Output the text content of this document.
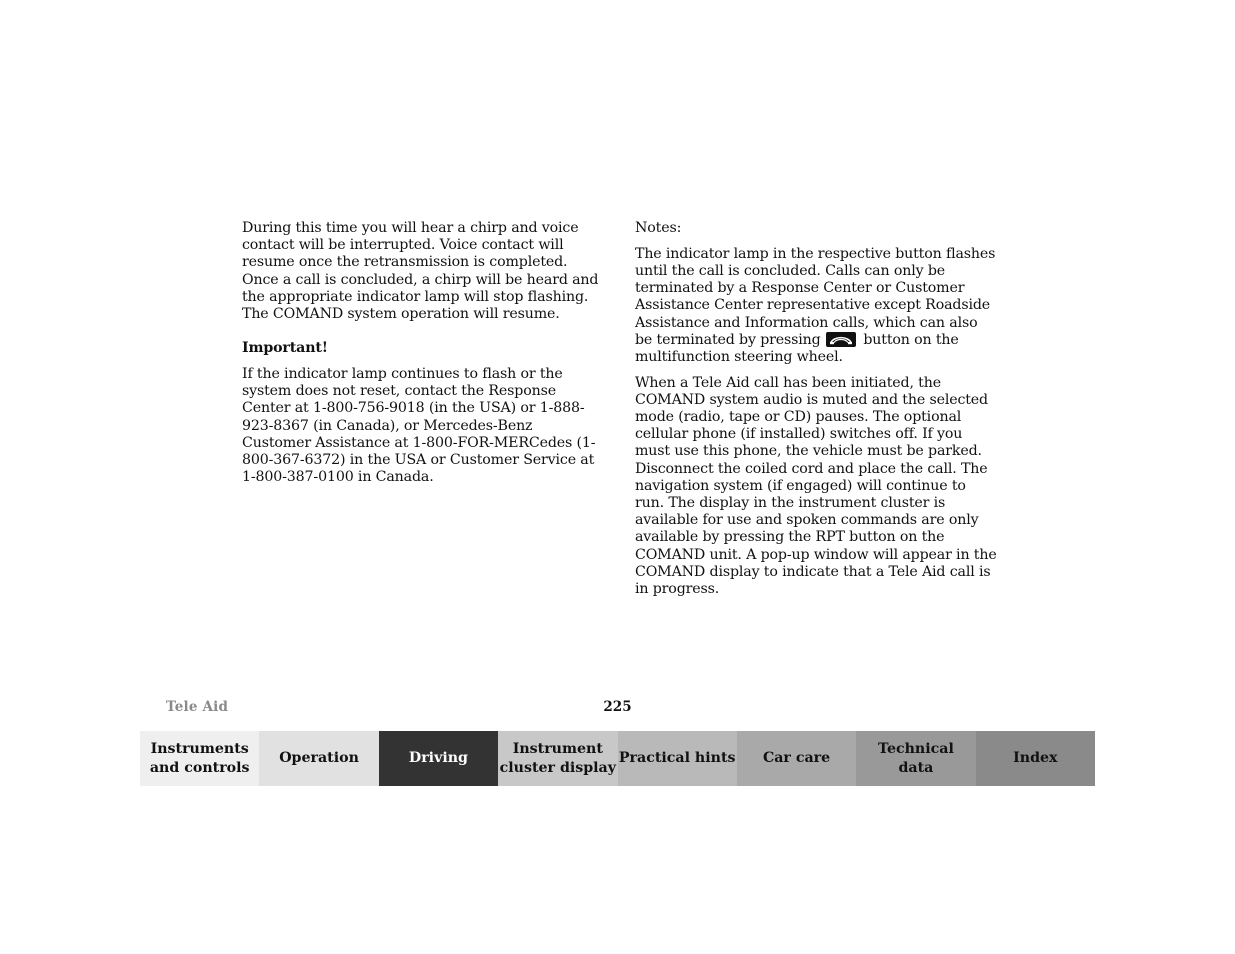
During this time you will hear a chirp and voice contact will be interrupted. Voice contact will resume once the retransmission is completed. Once a call is concluded, a chirp will be heard and the appropriate indicator lamp will stop flashing. The COMAND system operation will resume.

Important!

If the indicator lamp continues to flash or the system does not reset, contact the Response Center at 1-800-756-9018 (in the USA) or 1-888-923-8367 (in Canada), or Mercedes-Benz Customer Assistance at 1-800-FOR-MERCedes (1-800-367-6372) in the USA or Customer Service at 1-800-387-0100 in Canada.

Notes:

The indicator lamp in the respective button flashes until the call is concluded. Calls can only be terminated by a Response Center or Customer Assistance Center representative except Roadside Assistance and Information calls, which can also be terminated by pressing	button on the multifunction steering wheel.

When a Tele Aid call has been initiated, the COMAND system audio is muted and the selected mode (radio, tape or CD) pauses. The optional cellular phone (if installed) switches off. If you must use this phone, the vehicle must be parked. Disconnect the coiled cord and place the call. The navigation system (if engaged) will continue to run. The display in the instrument cluster is available for use and spoken commands are only available by pressing the RPT button on the COMAND unit. A pop-up window will appear in the COMAND display to indicate that a Tele Aid call is in progress.

Tele Aid	225
Instruments
and controls
Operation	Driving
Instrument
cluster display
Practical hints	Car care
Technical
data
Index
